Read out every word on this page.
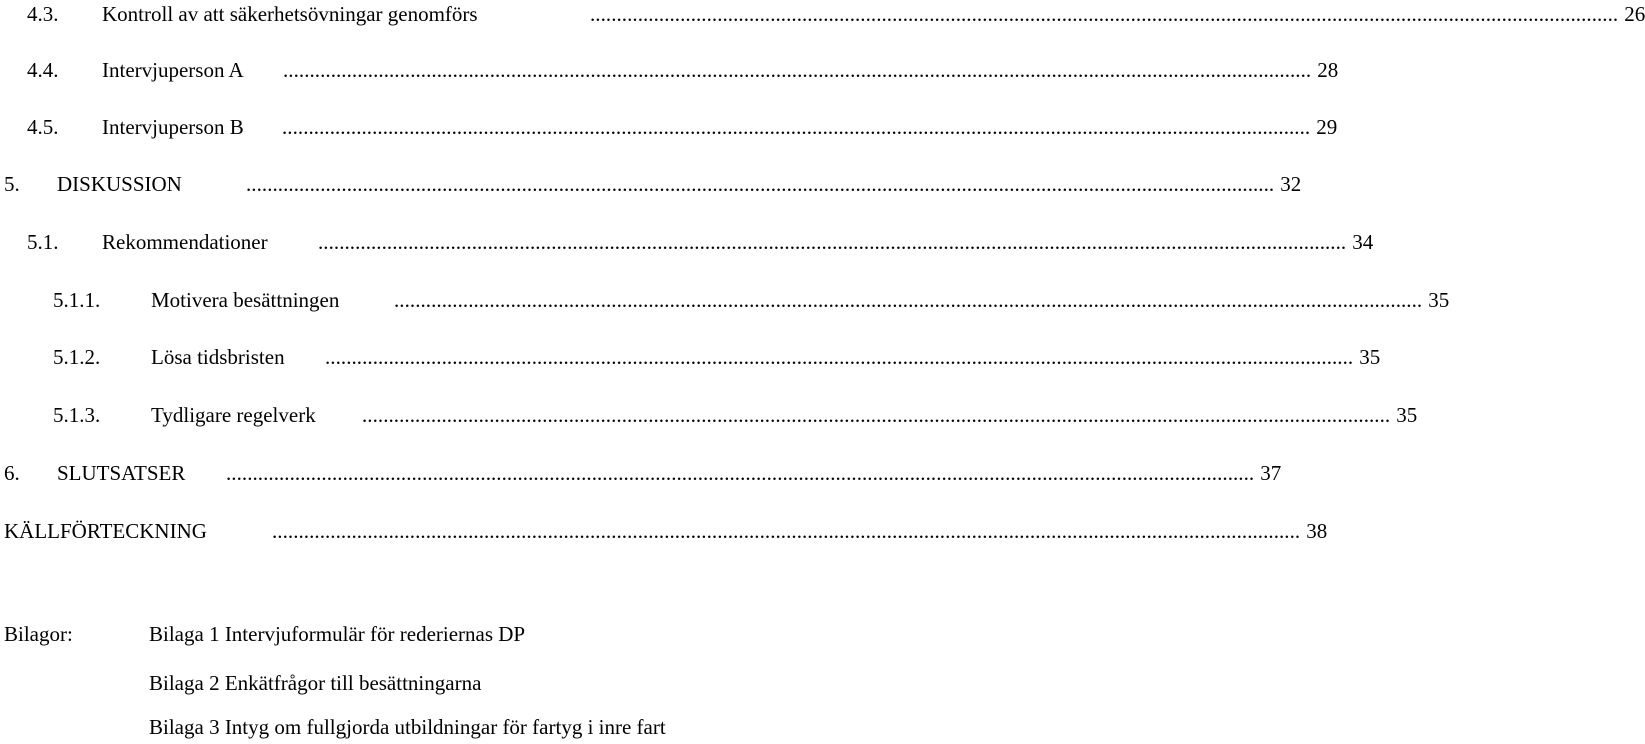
4.3. Kontroll av att säkerhetsövningar genomförs	.................................................................................................................................................................................................. 26
4.4. Intervjuperson A .................................................................................................................................................................................................. 28
4.5. Intervjuperson B .................................................................................................................................................................................................. 29
5. DISKUSSION	.................................................................................................................................................................................................. 32
5.1. Rekommendationer .................................................................................................................................................................................................. 34
5.1.1. Motivera besättningen	.................................................................................................................................................................................................. 35
5.1.2. Lösa tidsbristen .................................................................................................................................................................................................. 35
5.1.3. Tydligare regelverk .................................................................................................................................................................................................. 35
6. SLUTSATSER .................................................................................................................................................................................................. 37
KÄLLFÖRTECKNING	.................................................................................................................................................................................................. 38
Bilagor:	Bilaga 1 Intervjuformulär för rederiernas DP
Bilaga 2 Enkätfrågor till besättningarna
Bilaga 3 Intyg om fullgjorda utbildningar för fartyg i inre fart
